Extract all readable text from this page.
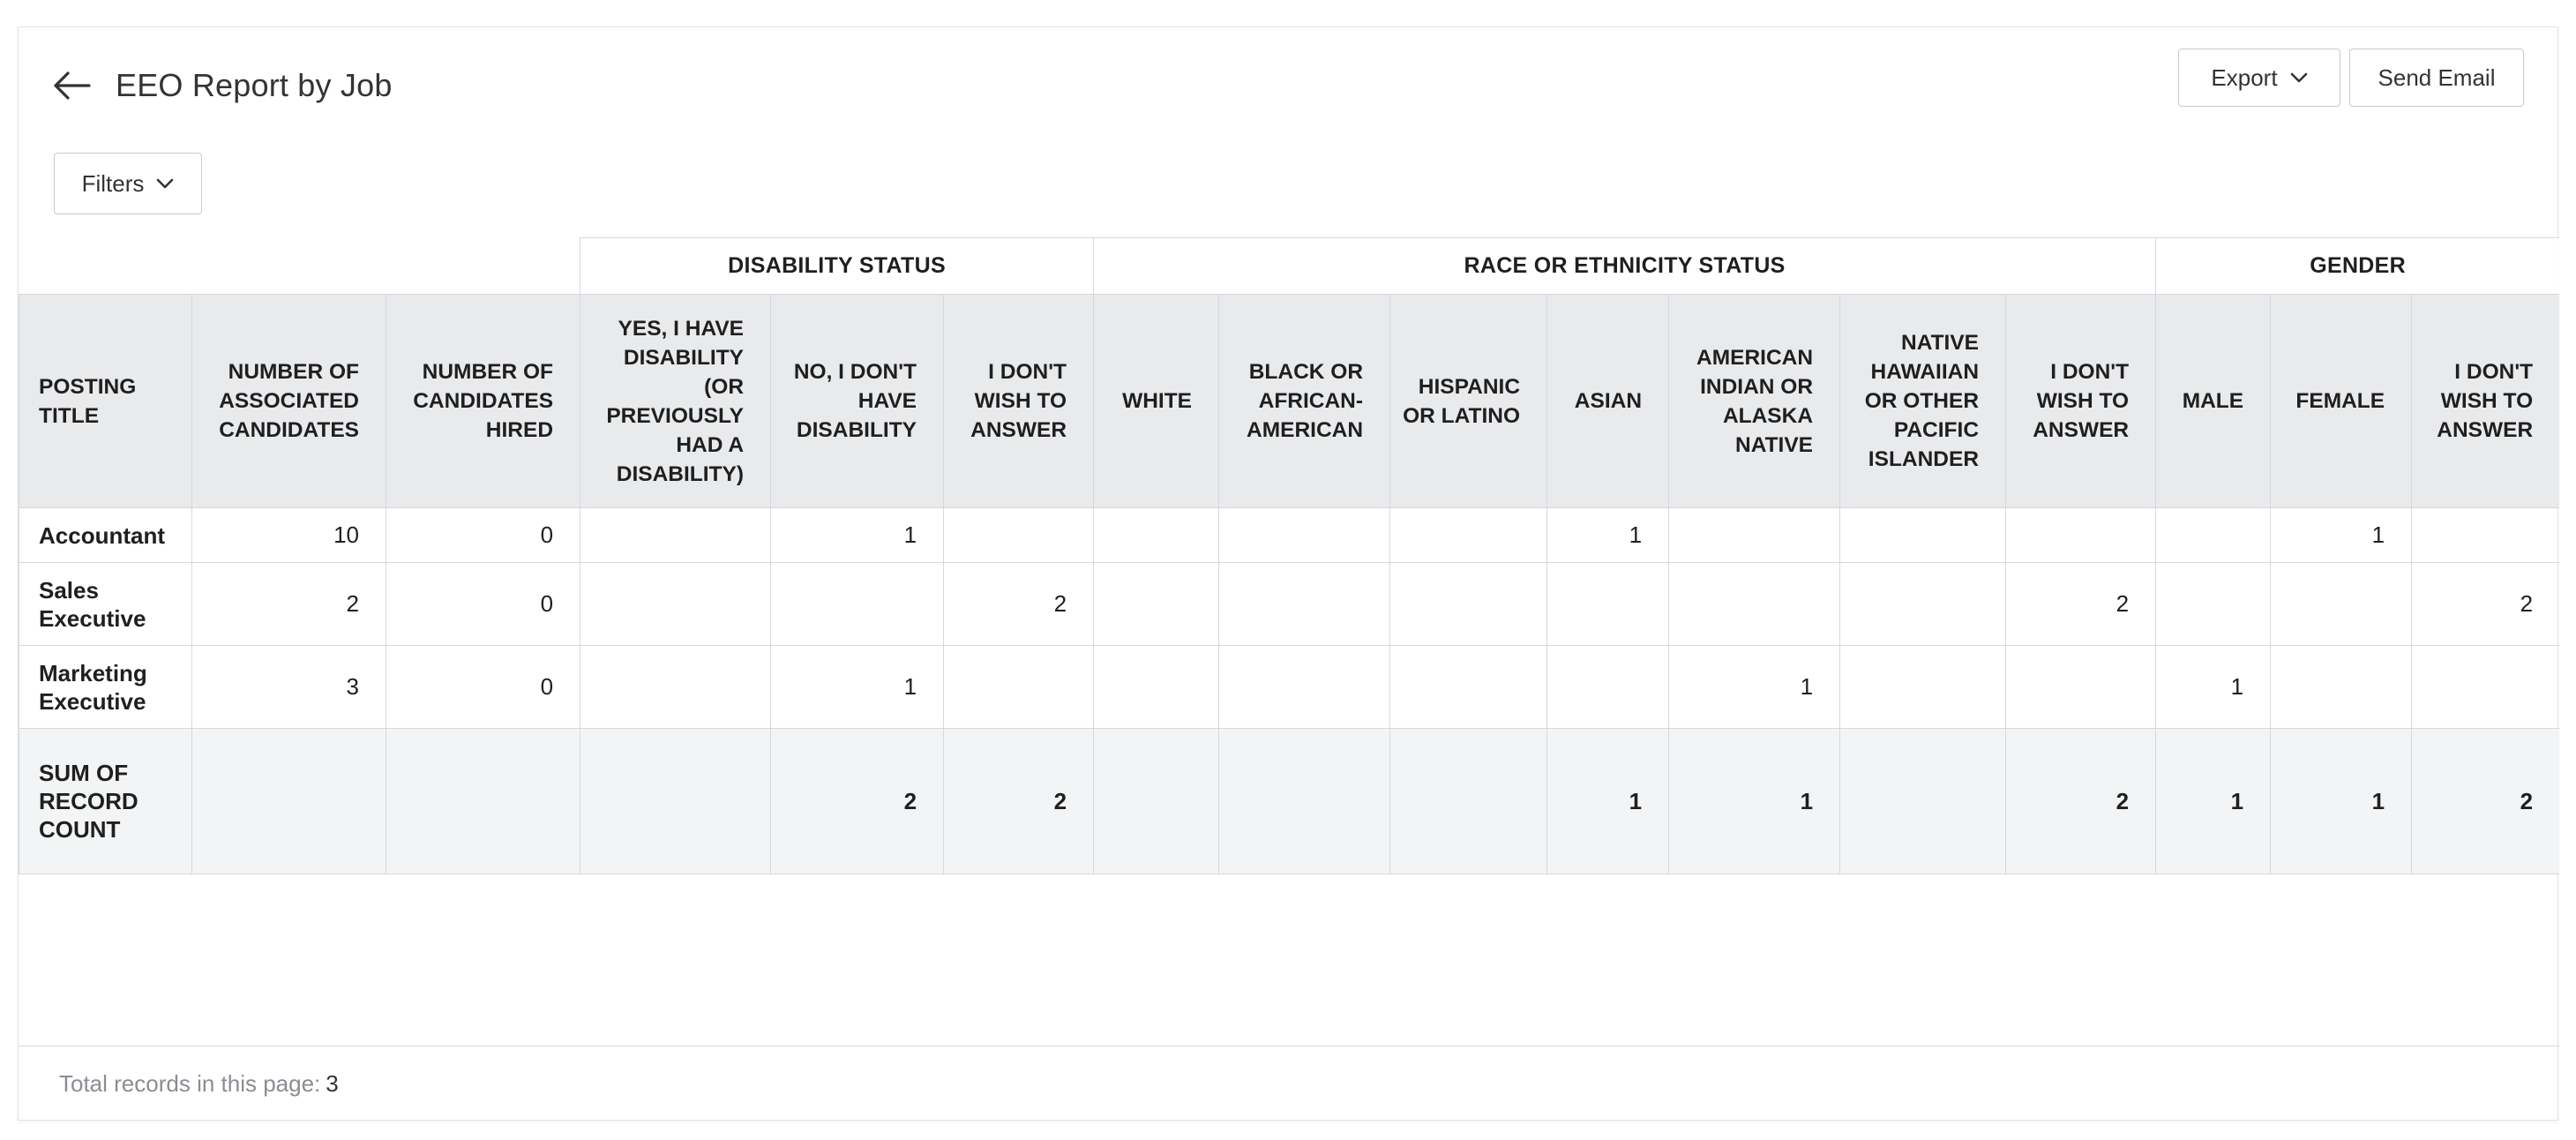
EEO Report by Job	Export	Send Email
Filters
			DISABILITY STATUS			RACE OR ETHNICITY STATUS							GENDER		
POSTING TITLE	NUMBER OF ASSOCIATED CANDIDATES	NUMBER OF CANDIDATES HIRED	YES, I HAVE DISABILITY (OR PREVIOUSLY HAD A DISABILITY)	NO, I DON'T HAVE DISABILITY	I DON'T WISH TO ANSWER	WHITE	BLACK OR AFRICAN-AMERICAN	HISPANIC OR LATINO	ASIAN	AMERICAN INDIAN OR ALASKA NATIVE	NATIVE HAWAIIAN OR OTHER PACIFIC ISLANDER	I DON'T WISH TO ANSWER	MALE	FEMALE	I DON'T WISH TO ANSWER
Accountant	10	0		1					1					1	
Sales Executive	2	0			2							2			2
Marketing Executive	3	0		1						1			1		
SUM OF RECORD COUNT				2	2				1	1		2	1	1	2
Total records in this page: 3
